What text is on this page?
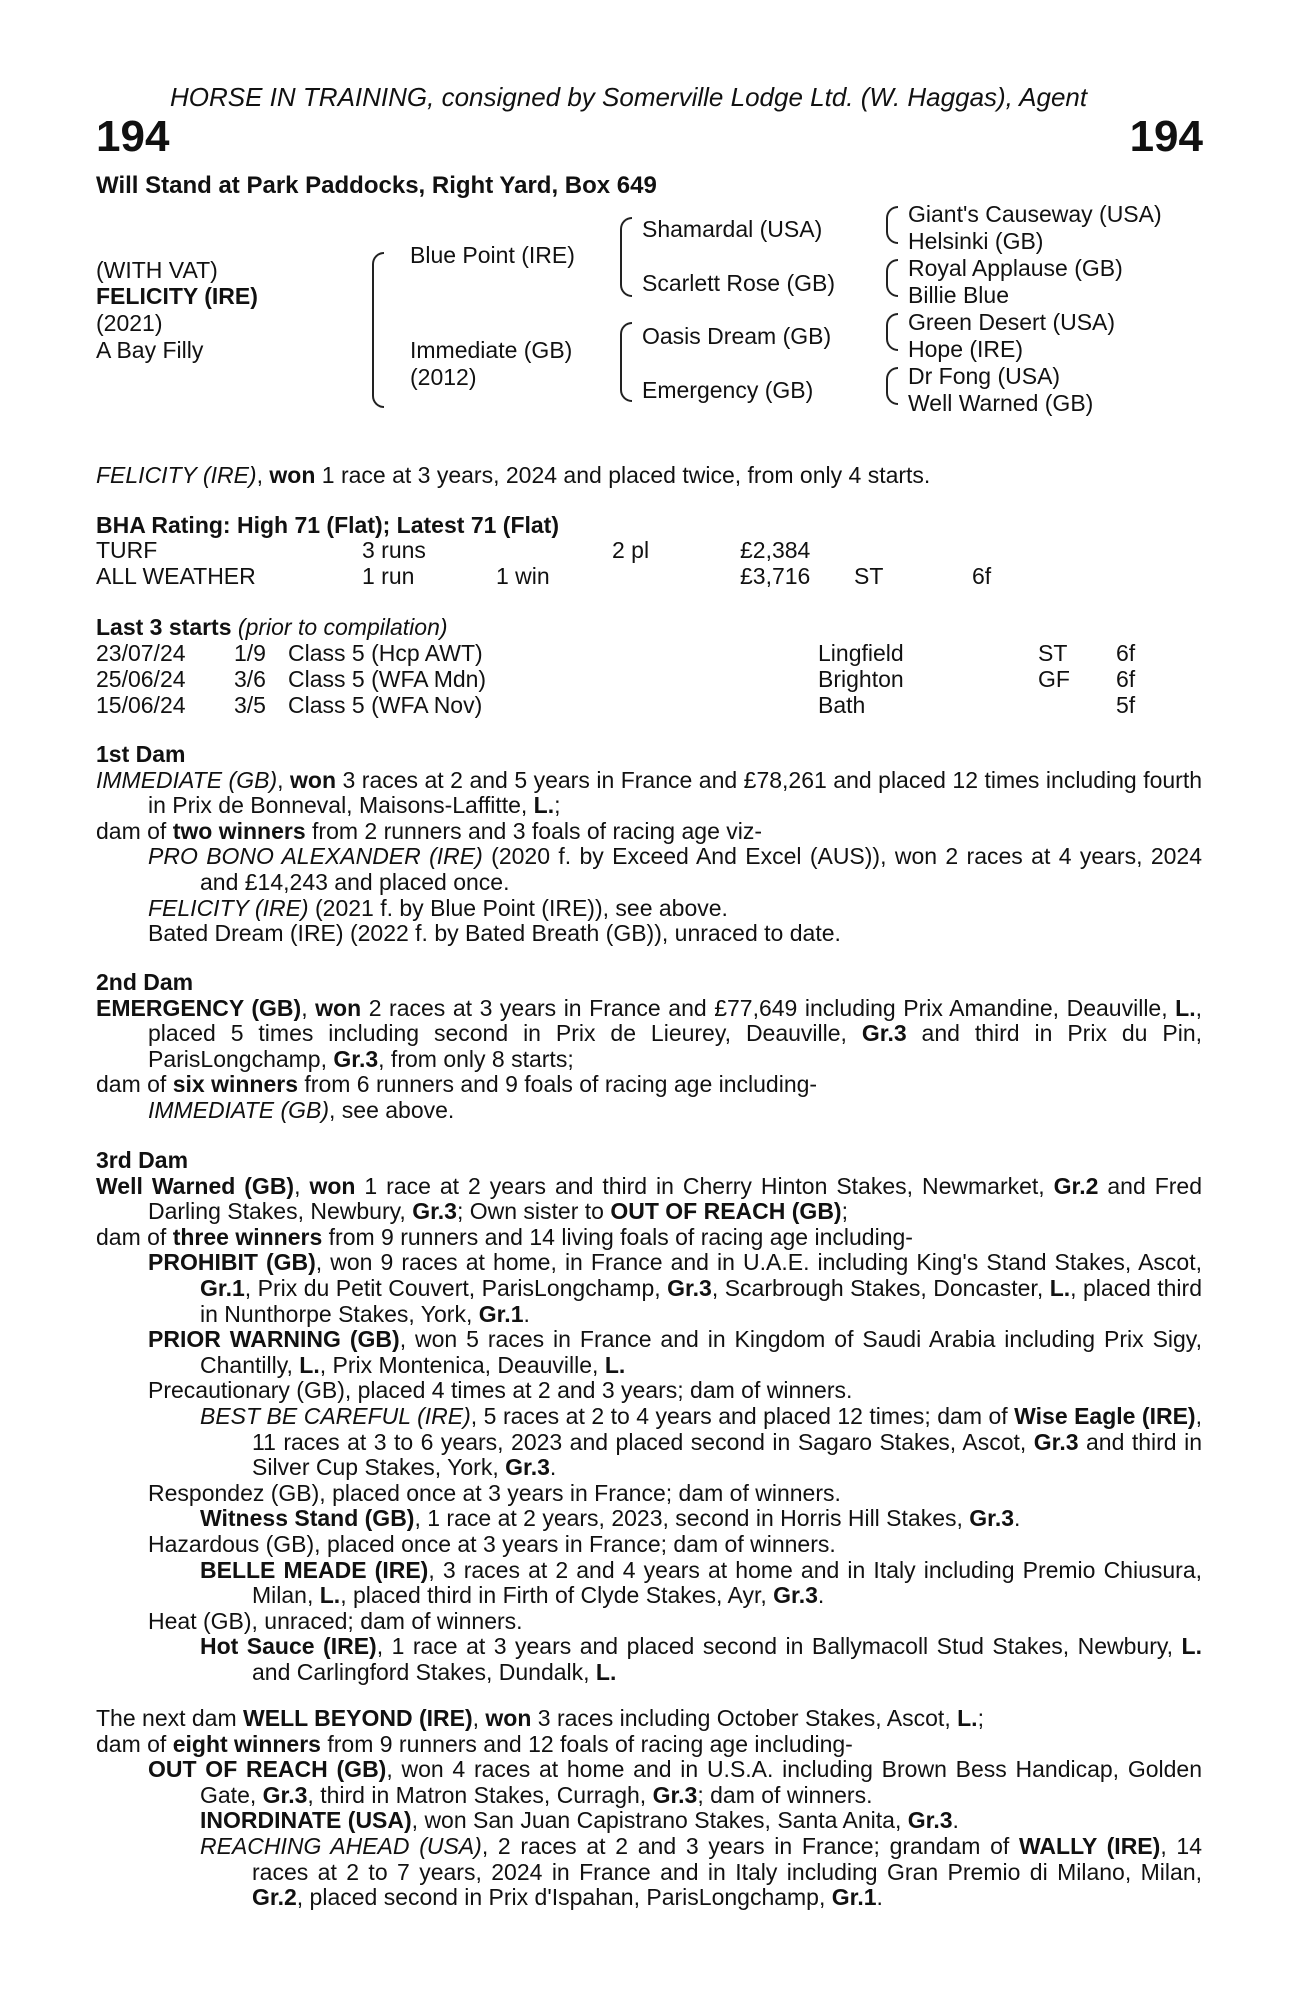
HORSE IN TRAINING, consigned by Somerville Lodge Ltd. (W. Haggas), Agent
194	194
Will Stand at Park Paddocks, Right Yard, Box 649
(WITH VAT)
FELICITY (IRE)
(2021)
A Bay Filly
Blue Point (IRE)
Immediate (GB)
(2012)
Shamardal (USA)
Scarlett Rose (GB)
Oasis Dream (GB)
Emergency (GB)
Giant's Causeway (USA)
Helsinki (GB)
Royal Applause (GB)
Billie Blue
Green Desert (USA)
Hope (IRE)
Dr Fong (USA)
Well Warned (GB)
FELICITY (IRE), won 1 race at 3 years, 2024 and placed twice, from only 4 starts.
BHA Rating: High 71 (Flat); Latest 71 (Flat)
TURF	3 runs	2 pl	£2,384
ALL WEATHER	1 run	1 win	£3,716 ST	6f
Last 3 starts (prior to compilation)
23/07/24 1/9 Class 5 (Hcp AWT)	Lingfield	ST 6f
25/06/24 3/6 Class 5 (WFA Mdn)	Brighton	GF 6f
15/06/24 3/5 Class 5 (WFA Nov)	Bath	5f

1st Dam

IMMEDIATE (GB), won 3 races at 2 and 5 years in France and £78,261 and placed 12 times including fourth in Prix de Bonneval, Maisons-Laffitte, L.;

dam of two winners from 2 runners and 3 foals of racing age viz-

PRO BONO ALEXANDER (IRE) (2020 f. by Exceed And Excel (AUS)), won 2 races at 4 years, 2024 and £14,243 and placed once.

FELICITY (IRE) (2021 f. by Blue Point (IRE)), see above.

Bated Dream (IRE) (2022 f. by Bated Breath (GB)), unraced to date.

2nd Dam

EMERGENCY (GB), won 2 races at 3 years in France and £77,649 including Prix Amandine, Deauville, L., placed 5 times including second in Prix de Lieurey, Deauville, Gr.3 and third in Prix du Pin, ParisLongchamp, Gr.3, from only 8 starts;

dam of six winners from 6 runners and 9 foals of racing age including-

IMMEDIATE (GB), see above.

3rd Dam

Well Warned (GB), won 1 race at 2 years and third in Cherry Hinton Stakes, Newmarket, Gr.2 and Fred Darling Stakes, Newbury, Gr.3; Own sister to OUT OF REACH (GB);

dam of three winners from 9 runners and 14 living foals of racing age including-

PROHIBIT (GB), won 9 races at home, in France and in U.A.E. including King's Stand Stakes, Ascot, Gr.1, Prix du Petit Couvert, ParisLongchamp, Gr.3, Scarbrough Stakes, Doncaster, L., placed third in Nunthorpe Stakes, York, Gr.1.

PRIOR WARNING (GB), won 5 races in France and in Kingdom of Saudi Arabia including Prix Sigy, Chantilly, L., Prix Montenica, Deauville, L.

Precautionary (GB), placed 4 times at 2 and 3 years; dam of winners.

BEST BE CAREFUL (IRE), 5 races at 2 to 4 years and placed 12 times; dam of Wise Eagle (IRE), 11 races at 3 to 6 years, 2023 and placed second in Sagaro Stakes, Ascot, Gr.3 and third in Silver Cup Stakes, York, Gr.3.

Respondez (GB), placed once at 3 years in France; dam of winners.

Witness Stand (GB), 1 race at 2 years, 2023, second in Horris Hill Stakes, Gr.3.

Hazardous (GB), placed once at 3 years in France; dam of winners.

BELLE MEADE (IRE), 3 races at 2 and 4 years at home and in Italy including Premio Chiusura, Milan, L., placed third in Firth of Clyde Stakes, Ayr, Gr.3.

Heat (GB), unraced; dam of winners.

Hot Sauce (IRE), 1 race at 3 years and placed second in Ballymacoll Stud Stakes, Newbury, L. and Carlingford Stakes, Dundalk, L.

The next dam WELL BEYOND (IRE), won 3 races including October Stakes, Ascot, L.;

dam of eight winners from 9 runners and 12 foals of racing age including-

OUT OF REACH (GB), won 4 races at home and in U.S.A. including Brown Bess Handicap, Golden Gate, Gr.3, third in Matron Stakes, Curragh, Gr.3; dam of winners.

INORDINATE (USA), won San Juan Capistrano Stakes, Santa Anita, Gr.3.

REACHING AHEAD (USA), 2 races at 2 and 3 years in France; grandam of WALLY (IRE), 14 races at 2 to 7 years, 2024 in France and in Italy including Gran Premio di Milano, Milan, Gr.2, placed second in Prix d'Ispahan, ParisLongchamp, Gr.1.
